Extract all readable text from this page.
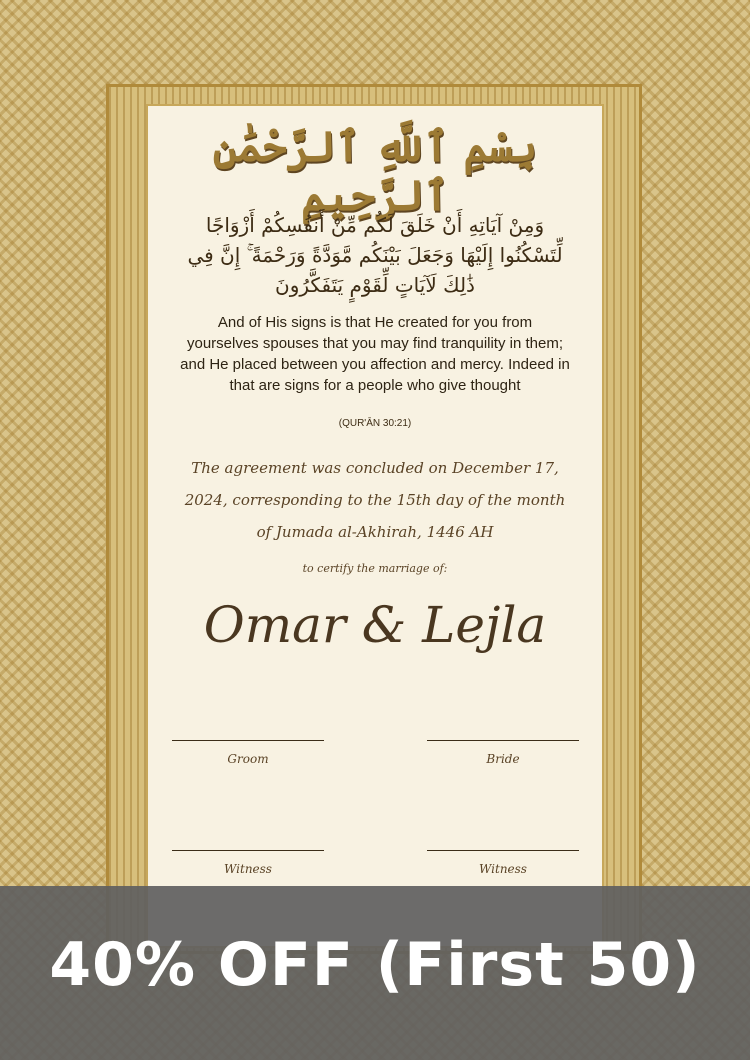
بِسْمِ ٱللَّهِ ٱلرَّحْمَٰنِ ٱلرَّحِيمِ
وَمِنْ آيَاتِهِ أَنْ خَلَقَ لَكُم مِّنْ أَنفُسِكُمْ أَزْوَاجًا لِّتَسْكُنُوا إِلَيْهَا وَجَعَلَ بَيْنَكُم مَّوَدَّةً وَرَحْمَةً ۚ إِنَّ فِي ذَٰلِكَ لَآيَاتٍ لِّقَوْمٍ يَتَفَكَّرُونَ
And of His signs is that He created for you from yourselves spouses that you may find tranquility in them; and He placed between you affection and mercy. Indeed in that are signs for a people who give thought
(QUR'ĀN 30:21)
The agreement was concluded on December 17, 2024, corresponding to the 15th day of the month of Jumada al-Akhirah, 1446 AH
to certify the marriage of:
Omar & Lejla
Groom	Bride
Witness	Witness
40% OFF (First 50)
